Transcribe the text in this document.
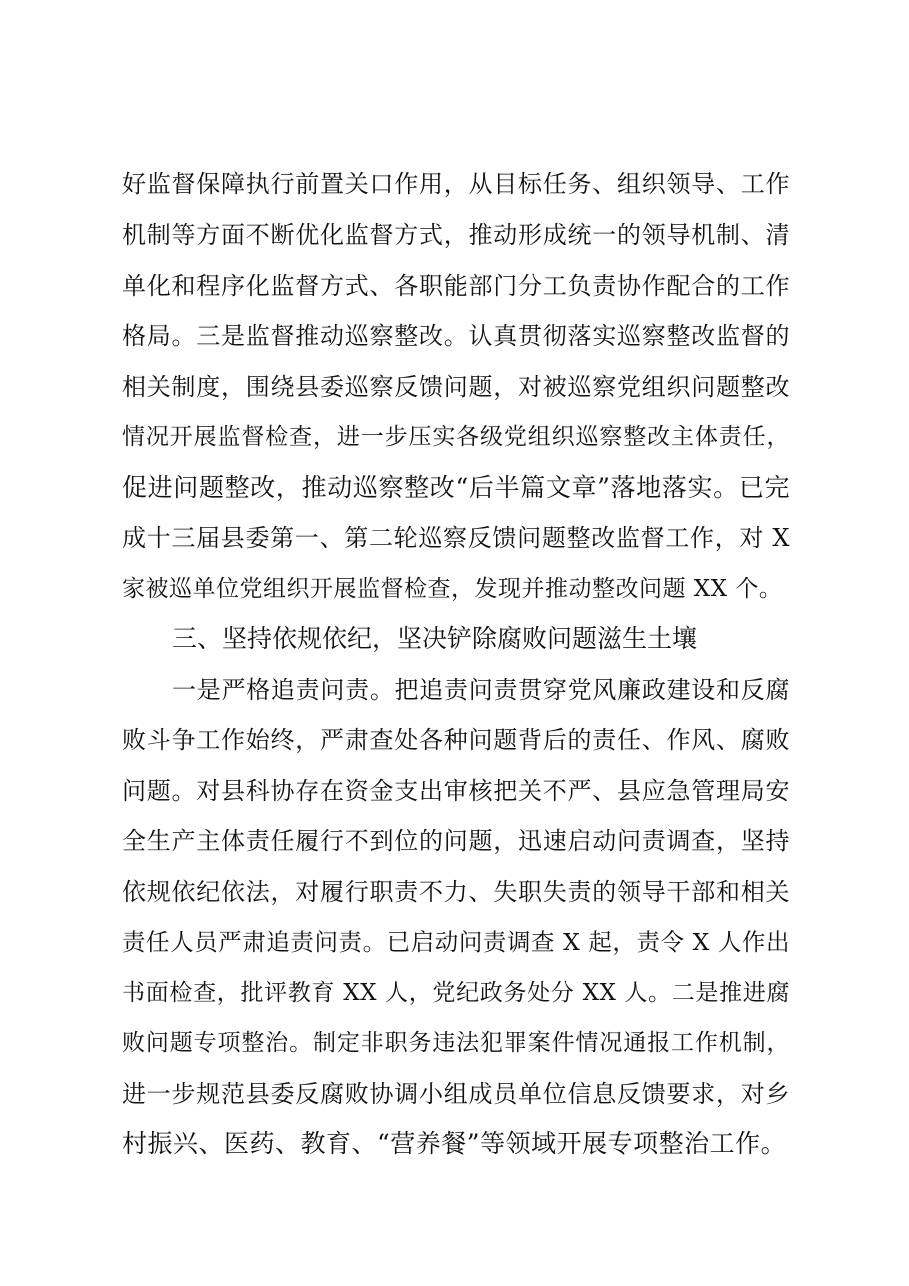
好监督保障执行前置关口作用，从目标任务、组织领导、工作
机制等方面不断优化监督方式，推动形成统一的领导机制、清
单化和程序化监督方式、各职能部门分工负责协作配合的工作
格局。三是监督推动巡察整改。认真贯彻落实巡察整改监督的
相关制度，围绕县委巡察反馈问题，对被巡察党组织问题整改
情况开展监督检查，进一步压实各级党组织巡察整改主体责任，
促进问题整改，推动巡察整改“后半篇文章”落地落实。已完
成十三届县委第一、第二轮巡察反馈问题整改监督工作，对 X
家被巡单位党组织开展监督检查，发现并推动整改问题 XX 个。
三、坚持依规依纪，坚决铲除腐败问题滋生土壤
一是严格追责问责。把追责问责贯穿党风廉政建设和反腐
败斗争工作始终，严肃查处各种问题背后的责任、作风、腐败
问题。对县科协存在资金支出审核把关不严、县应急管理局安
全生产主体责任履行不到位的问题，迅速启动问责调查，坚持
依规依纪依法，对履行职责不力、失职失责的领导干部和相关
责任人员严肃追责问责。已启动问责调查 X 起，责令 X 人作出
书面检查，批评教育 XX 人，党纪政务处分 XX 人。二是推进腐
败问题专项整治。制定非职务违法犯罪案件情况通报工作机制，
进一步规范县委反腐败协调小组成员单位信息反馈要求，对乡
村振兴、医药、教育、“营养餐”等领域开展专项整治工作。
